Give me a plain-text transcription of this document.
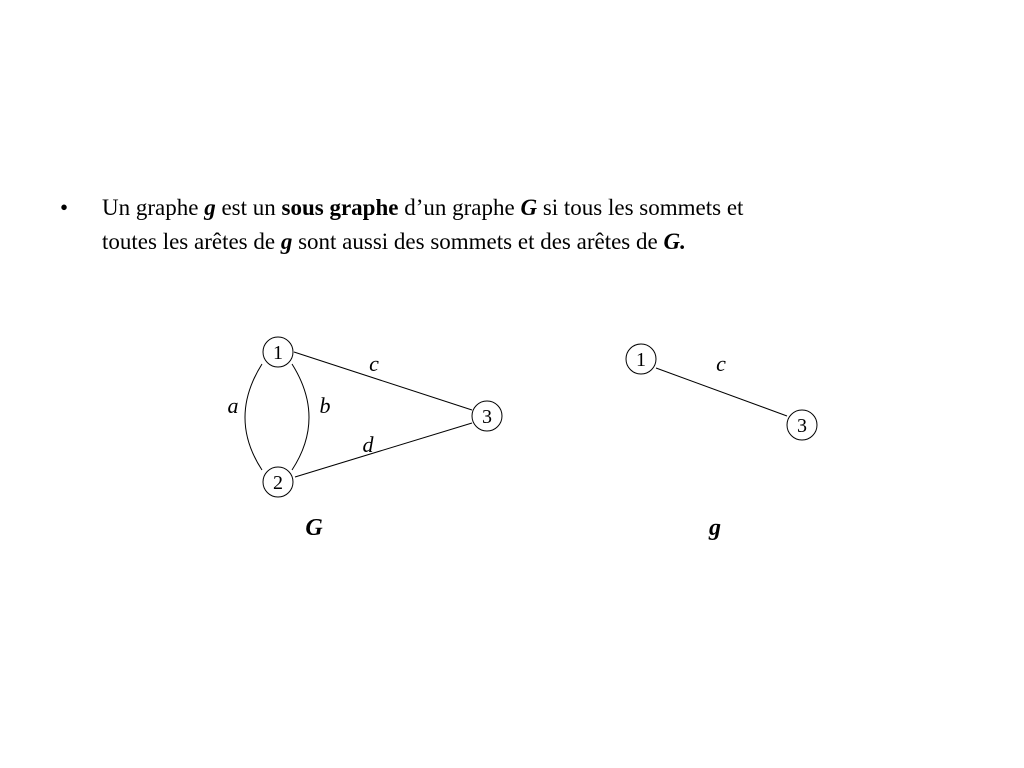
• Un graphe g est un sous graphe d’un graphe G si tous les sommets et
toutes les arêtes de g sont aussi des sommets et des arêtes de G.
1
2
3
a	b
c
d
G
1
3
c
g
